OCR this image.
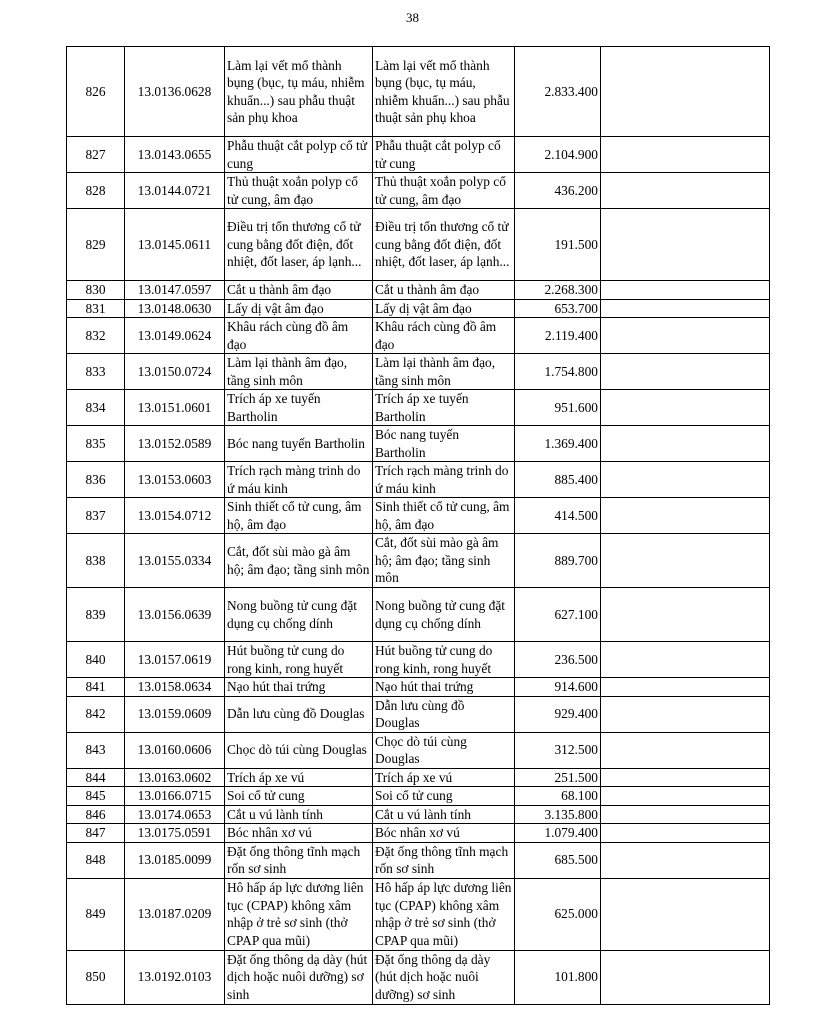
38
826	13.0136.0628	Làm lại vết mổ thành bụng (bục, tụ máu, nhiễm khuẩn...) sau phẫu thuật sản phụ khoa	Làm lại vết mổ thành bụng (bục, tụ máu, nhiễm khuẩn...) sau phẫu thuật sản phụ khoa	2.833.400	
827	13.0143.0655	Phẫu thuật cắt polyp cổ tử cung	Phẫu thuật cắt polyp cổ tử cung	2.104.900	
828	13.0144.0721	Thủ thuật xoắn polyp cổ tử cung, âm đạo	Thủ thuật xoắn polyp cổ tử cung, âm đạo	436.200	
829	13.0145.0611	Điều trị tổn thương cổ tử cung bằng đốt điện, đốt nhiệt, đốt laser, áp lạnh...	Điều trị tổn thương cổ tử cung bằng đốt điện, đốt nhiệt, đốt laser, áp lạnh...	191.500	
830	13.0147.0597	Cắt u thành âm đạo	Cắt u thành âm đạo	2.268.300	
831	13.0148.0630	Lấy dị vật âm đạo	Lấy dị vật âm đạo	653.700	
832	13.0149.0624	Khâu rách cùng đồ âm đạo	Khâu rách cùng đồ âm đạo	2.119.400	
833	13.0150.0724	Làm lại thành âm đạo, tầng sinh môn	Làm lại thành âm đạo, tầng sinh môn	1.754.800	
834	13.0151.0601	Trích áp xe tuyến Bartholin	Trích áp xe tuyến Bartholin	951.600	
835	13.0152.0589	Bóc nang tuyến Bartholin	Bóc nang tuyến Bartholin	1.369.400	
836	13.0153.0603	Trích rạch màng trinh do ứ máu kinh	Trích rạch màng trinh do ứ máu kinh	885.400	
837	13.0154.0712	Sinh thiết cổ tử cung, âm hộ, âm đạo	Sinh thiết cổ tử cung, âm hộ, âm đạo	414.500	
838	13.0155.0334	Cắt, đốt sùi mào gà âm hộ; âm đạo; tầng sinh môn	Cắt, đốt sùi mào gà âm hộ; âm đạo; tầng sinh môn	889.700	
839	13.0156.0639	Nong buồng tử cung đặt dụng cụ chống dính	Nong buồng tử cung đặt dụng cụ chống dính	627.100	
840	13.0157.0619	Hút buồng tử cung do rong kinh, rong huyết	Hút buồng tử cung do rong kinh, rong huyết	236.500	
841	13.0158.0634	Nạo hút thai trứng	Nạo hút thai trứng	914.600	
842	13.0159.0609	Dẫn lưu cùng đồ Douglas	Dẫn lưu cùng đồ Douglas	929.400	
843	13.0160.0606	Chọc dò túi cùng Douglas	Chọc dò túi cùng Douglas	312.500	
844	13.0163.0602	Trích áp xe vú	Trích áp xe vú	251.500	
845	13.0166.0715	Soi cổ tử cung	Soi cổ tử cung	68.100	
846	13.0174.0653	Cắt u vú lành tính	Cắt u vú lành tính	3.135.800	
847	13.0175.0591	Bóc nhân xơ vú	Bóc nhân xơ vú	1.079.400	
848	13.0185.0099	Đặt ống thông tĩnh mạch rốn sơ sinh	Đặt ống thông tĩnh mạch rốn sơ sinh	685.500	
849	13.0187.0209	Hô hấp áp lực dương liên tục (CPAP) không xâm nhập ở trẻ sơ sinh (thở CPAP qua mũi)	Hô hấp áp lực dương liên tục (CPAP) không xâm nhập ở trẻ sơ sinh (thở CPAP qua mũi)	625.000	
850	13.0192.0103	Đặt ống thông dạ dày (hút dịch hoặc nuôi dưỡng) sơ sinh	Đặt ống thông dạ dày (hút dịch hoặc nuôi dưỡng) sơ sinh	101.800	
